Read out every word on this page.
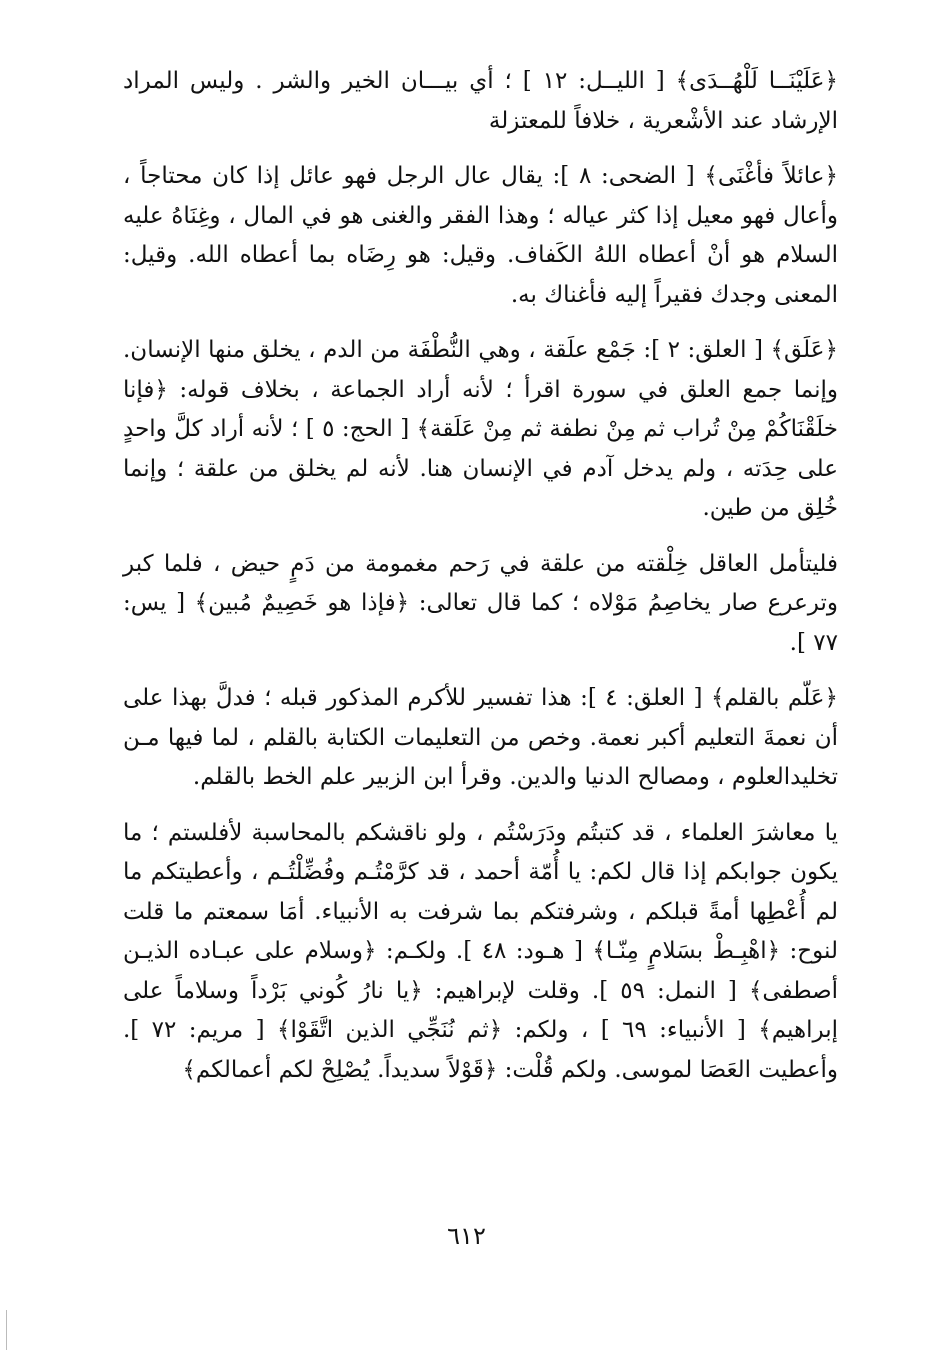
﴿عَلَيْنَــا لَلْهُــدَى﴾ [ الليــل: ١٢ ] ؛ أي بيـــان الخير والشر . وليس المراد الإرشاد عند الأشْعرية ، خلافاً للمعتزلة

﴿عائلاً فأغْنَى﴾ [ الضحى: ٨ ]: يقال عال الرجل فهو عائل إذا كان محتاجاً ، وأعال فهو معيل إذا كثر عياله ؛ وهذا الفقر والغنى هو في المال ، وغِنَاهُ عليه السلام هو أنْ أعطاه اللهُ الكَفاف. وقيل: هو رِضَاه بما أعطاه الله. وقيل: المعنى وجدك فقيراً إليه فأغناك به.

﴿عَلَق﴾ [ العلق: ٢ ]: جَمْع علَقة ، وهي النُّطْفَة من الدم ، يخلق منها الإنسان. وإنما جمع العلق في سورة اقرأ ؛ لأنه أراد الجماعة ، بخلاف قوله: ﴿فإنا خلَقْنَاكُمْ مِنْ تُراب ثم مِنْ نطفة ثم مِنْ عَلَقة﴾ [ الحج: ٥ ] ؛ لأنه أراد كلَّ واحدٍ على حِدَته ، ولم يدخل آدم في الإنسان هنا. لأنه لم يخلق من علقة ؛ وإنما خُلِق من طين.

فليتأمل العاقل خِلْقته من علقة في رَحم مغمومة من دَمٍ حيض ، فلما كبر وترعرع صار يخاصِمُ مَوْلاه ؛ كما قال تعالى: ﴿فإذا هو خَصِيمٌ مُبين﴾ [ يس: ٧٧ ].

﴿عَلّم بالقلم﴾ [ العلق: ٤ ]: هذا تفسير للأكرم المذكور قبله ؛ فدلَّ بهذا على أن نعمةَ التعليم أكبر نعمة. وخص من التعليمات الكتابة بالقلم ، لما فيها مـن تخليدالعلوم ، ومصالح الدنيا والدين. وقرأ ابن الزبير علم الخط بالقلم.

يا معاشرَ العلماء ، قد كتبتُم ودَرَسْتُم ، ولو ناقشكم بالمحاسبة لأفلستم ؛ ما يكون جوابكم إذا قال لكم: يا أُمّة أحمد ، قد كرَّمْتُـم وفُضِّلْتُـم ، وأعطيتكم ما لم أُعْطِها أمةً قبلكم ، وشرفتكم بما شرفت به الأنبياء. أمَا سمعتم ما قلت لنوح: ﴿اهْبِـطْ بسَلامٍ مِنّـا﴾ [ هـود: ٤٨ ]. ولكـم: ﴿وسلام على عبـاده الذيـن أصطفى﴾ [ النمل: ٥٩ ]. وقلت لإبراهيم: ﴿يا نارُ كُوني بَرْداً وسلاماً على إبراهيم﴾ [ الأنبياء: ٦٩ ] ، ولكم: ﴿ثم نُنَجِّي الذين اتَّقَوْا﴾ [ مريم: ٧٢ ]. وأعطيت العَصَا لموسى. ولكم قُلْت: ﴿قَوْلاً سديداً. يُصْلِحْ لكم أعمالكم﴾

٦١٢
